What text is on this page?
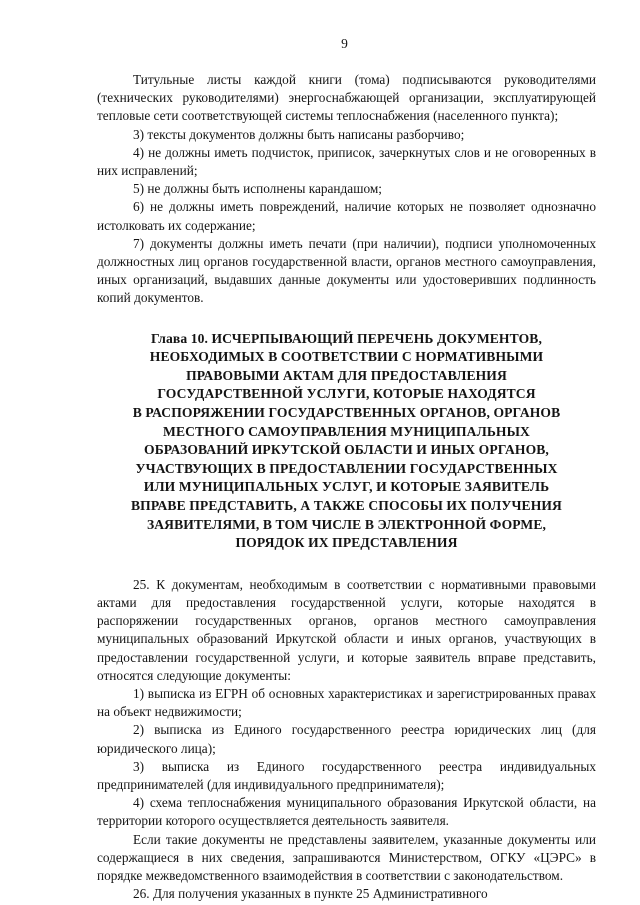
9

Титульные листы каждой книги (тома) подписываются руководителями (технических руководителями) энергоснабжающей организации, эксплуатирующей тепловые сети соответствующей системы теплоснабжения (населенного пункта);

3) тексты документов должны быть написаны разборчиво;

4) не должны иметь подчисток, приписок, зачеркнутых слов и не оговоренных в них исправлений;

5) не должны быть исполнены карандашом;

6) не должны иметь повреждений, наличие которых не позволяет однозначно истолковать их содержание;

7) документы должны иметь печати (при наличии), подписи уполномоченных должностных лиц органов государственной власти, органов местного самоуправления, иных организаций, выдавших данные документы или удостоверивших подлинность копий документов.

Глава 10. ИСЧЕРПЫВАЮЩИЙ ПЕРЕЧЕНЬ ДОКУМЕНТОВ,
НЕОБХОДИМЫХ В СООТВЕТСТВИИ С НОРМАТИВНЫМИ
ПРАВОВЫМИ АКТАМ ДЛЯ ПРЕДОСТАВЛЕНИЯ
ГОСУДАРСТВЕННОЙ УСЛУГИ, КОТОРЫЕ НАХОДЯТСЯ
В РАСПОРЯЖЕНИИ ГОСУДАРСТВЕННЫХ ОРГАНОВ, ОРГАНОВ
МЕСТНОГО САМОУПРАВЛЕНИЯ МУНИЦИПАЛЬНЫХ
ОБРАЗОВАНИЙ ИРКУТСКОЙ ОБЛАСТИ И ИНЫХ ОРГАНОВ,
УЧАСТВУЮЩИХ В ПРЕДОСТАВЛЕНИИ ГОСУДАРСТВЕННЫХ
ИЛИ МУНИЦИПАЛЬНЫХ УСЛУГ, И КОТОРЫЕ ЗАЯВИТЕЛЬ
ВПРАВЕ ПРЕДСТАВИТЬ, А ТАКЖЕ СПОСОБЫ ИХ ПОЛУЧЕНИЯ
ЗАЯВИТЕЛЯМИ, В ТОМ ЧИСЛЕ В ЭЛЕКТРОННОЙ ФОРМЕ,
ПОРЯДОК ИХ ПРЕДСТАВЛЕНИЯ

25. К документам, необходимым в соответствии с нормативными правовыми актами для предоставления государственной услуги, которые находятся в распоряжении государственных органов, органов местного самоуправления муниципальных образований Иркутской области и иных органов, участвующих в предоставлении государственной услуги, и которые заявитель вправе представить, относятся следующие документы:

1) выписка из ЕГРН об основных характеристиках и зарегистрированных правах на объект недвижимости;

2) выписка из Единого государственного реестра юридических лиц (для юридического лица);

3) выписка из Единого государственного реестра индивидуальных предпринимателей (для индивидуального предпринимателя);

4) схема теплоснабжения муниципального образования Иркутской области, на территории которого осуществляется деятельность заявителя.

Если такие документы не представлены заявителем, указанные документы или содержащиеся в них сведения, запрашиваются Министерством, ОГКУ «ЦЭРС» в порядке межведомственного взаимодействия в соответствии с законодательством.

26. Для получения указанных в пункте 25 Административного
